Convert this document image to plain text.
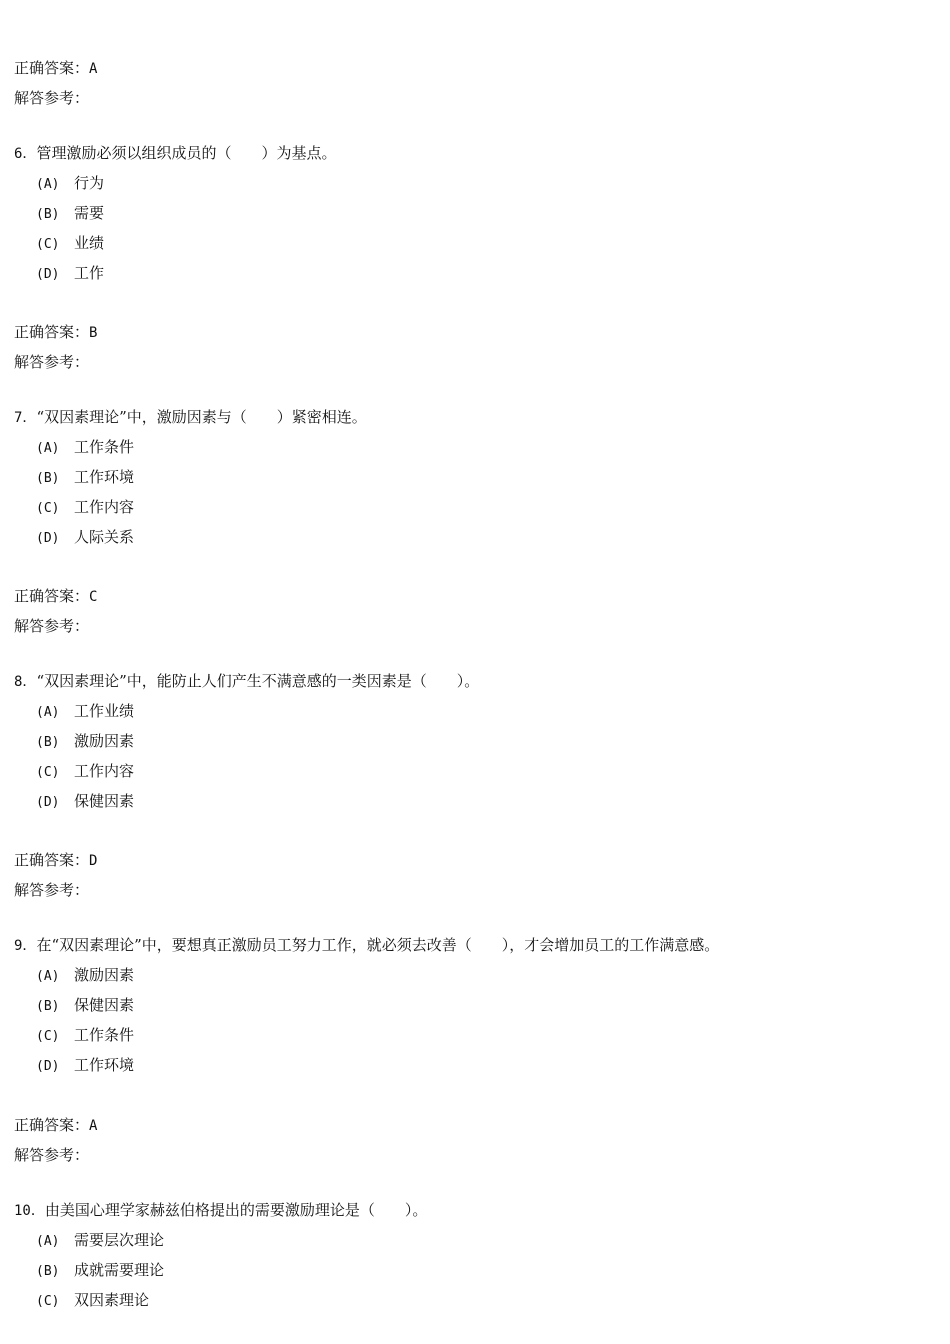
正确答案：A
解答参考：
6．管理激励必须以组织成员的（　　）为基点。
(A) 行为
(B) 需要
(C) 业绩
(D) 工作
正确答案：B
解答参考：
7．“双因素理论”中，激励因素与（　　）紧密相连。
(A) 工作条件
(B) 工作环境
(C) 工作内容
(D) 人际关系
正确答案：C
解答参考：
8．“双因素理论”中，能防止人们产生不满意感的一类因素是（　　）。
(A) 工作业绩
(B) 激励因素
(C) 工作内容
(D) 保健因素
正确答案：D
解答参考：
9．在“双因素理论”中，要想真正激励员工努力工作，就必须去改善（　　），才会增加员工的工作满意感。
(A) 激励因素
(B) 保健因素
(C) 工作条件
(D) 工作环境
正确答案：A
解答参考：
10．由美国心理学家赫兹伯格提出的需要激励理论是（　　）。
(A) 需要层次理论
(B) 成就需要理论
(C) 双因素理论
